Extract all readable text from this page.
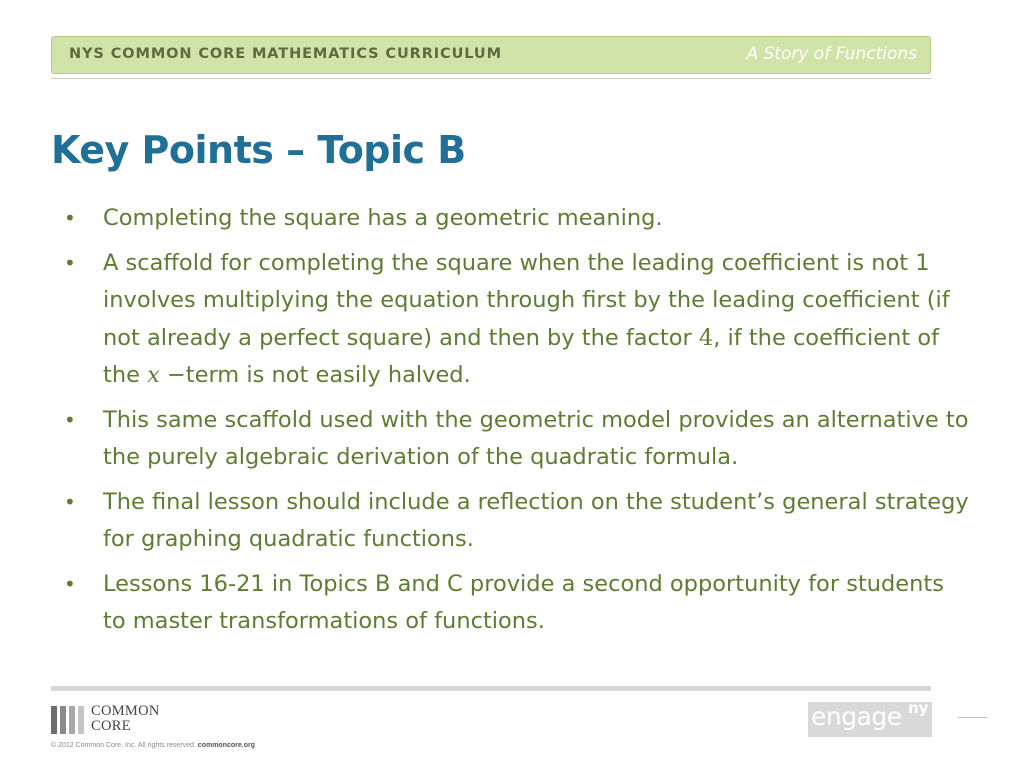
NYS COMMON CORE MATHEMATICS CURRICULUM	A Story of Functions
Key Points – Topic B
• Completing the square has a geometric meaning.
• A scaffold for completing the square when the leading coefficient is not 1 involves multiplying the equation through first by the leading coefficient (if not already a perfect square) and then by the factor 4, if the coefficient of the x −term is not easily halved.
• This same scaffold used with the geometric model provides an alternative to the purely algebraic derivation of the quadratic formula.
• The final lesson should include a reflection on the student’s general strategy for graphing quadratic functions.
• Lessons 16-21 in Topics B and C provide a second opportunity for students to master transformations of functions.
COMMON
CORE
© 2012 Common Core, Inc. All rights reserved. commoncore.org
engage ny
